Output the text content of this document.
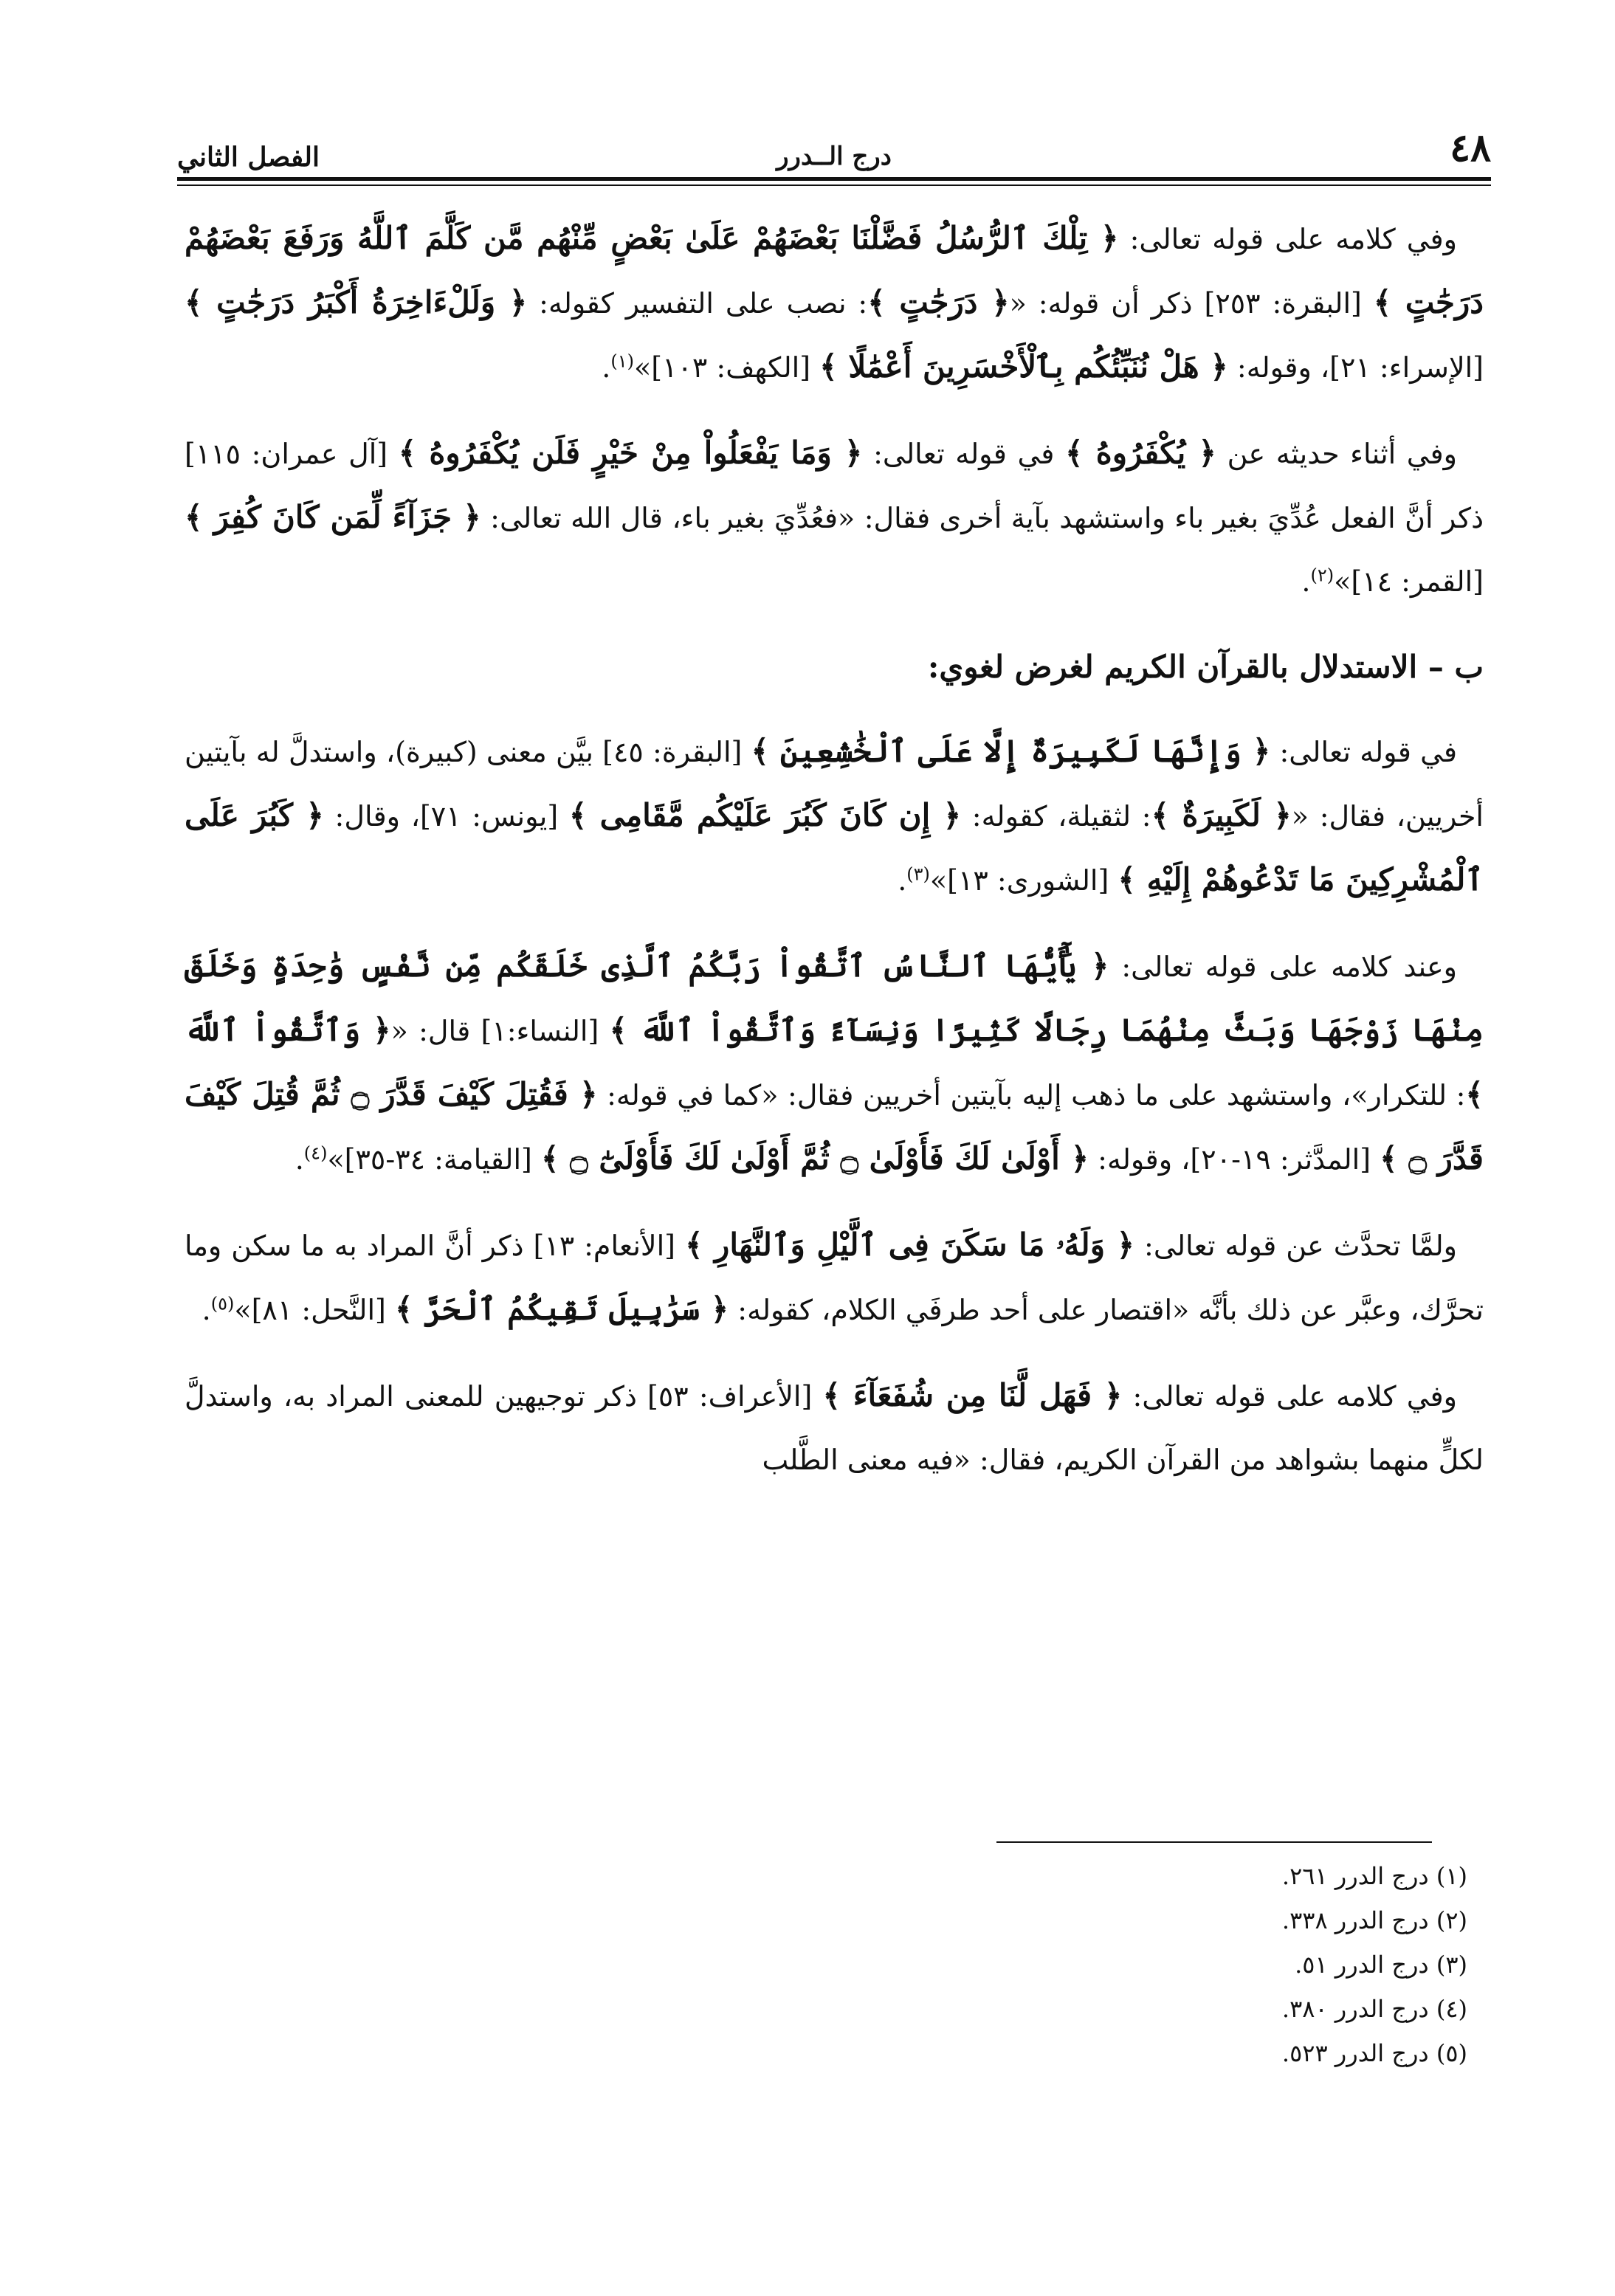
٤٨
درج الــدرر
الفصل الثاني

وفي كلامه على قوله تعالى: ﴿ تِلْكَ ٱلرُّسُلُ فَضَّلْنَا بَعْضَهُمْ عَلَىٰ بَعْضٍ مِّنْهُم مَّن كَلَّمَ ٱللَّهُ وَرَفَعَ بَعْضَهُمْ دَرَجَٰتٍ ﴾ [البقرة: ٢٥٣] ذكر أن قوله: «﴿ دَرَجَٰتٍ ﴾: نصب على التفسير كقوله: ﴿ وَلَلْءَاخِرَةُ أَكْبَرُ دَرَجَٰتٍ ﴾ [الإسراء: ٢١]، وقوله: ﴿ هَلْ نُنَبِّئُكُم بِٱلْأَخْسَرِينَ أَعْمَٰلًا ﴾ [الكهف: ١٠٣]»$^{(١)}$.

وفي أثناء حديثه عن ﴿ يُكْفَرُوهُ ﴾ في قوله تعالى: ﴿ وَمَا يَفْعَلُواْ مِنْ خَيْرٍ فَلَن يُكْفَرُوهُ ﴾ [آل عمران: ١١٥] ذكر أنَّ الفعل عُدِّيَ بغير باء واستشهد بآية أخرى فقال: «فعُدِّيَ بغير باء، قال الله تعالى: ﴿ جَزَآءً لِّمَن كَانَ كُفِرَ ﴾ [القمر: ١٤]»$^{(٢)}$.

ب – الاستدلال بالقرآن الكريم لغرض لغوي:

في قوله تعالى: ﴿ وَإِنَّهَا لَكَبِيرَةٌ إِلَّا عَلَى ٱلْخَٰشِعِينَ ﴾ [البقرة: ٤٥] بيَّن معنى (كبيرة)، واستدلَّ له بآيتين أخريين، فقال: «﴿ لَكَبِيرَةٌ ﴾: لثقيلة، كقوله: ﴿ إِن كَانَ كَبُرَ عَلَيْكُم مَّقَامِى ﴾ [يونس: ٧١]، وقال: ﴿ كَبُرَ عَلَى ٱلْمُشْرِكِينَ مَا تَدْعُوهُمْ إِلَيْهِ ﴾ [الشورى: ١٣]»$^{(٣)}$.

وعند كلامه على قوله تعالى: ﴿ يَٰٓأَيُّهَا ٱلنَّاسُ ٱتَّقُواْ رَبَّكُمُ ٱلَّذِى خَلَقَكُم مِّن نَّفْسٍ وَٰحِدَةٍ وَخَلَقَ مِنْهَا زَوْجَهَا وَبَثَّ مِنْهُمَا رِجَالًا كَثِيرًا وَنِسَآءً وَٱتَّقُواْ ٱللَّهَ ﴾ [النساء:١] قال: «﴿ وَٱتَّقُواْ ٱللَّهَ ﴾: للتكرار»، واستشهد على ما ذهب إليه بآيتين أخريين فقال: «كما في قوله: ﴿ فَقُتِلَ كَيْفَ قَدَّرَ ۝ ثُمَّ قُتِلَ كَيْفَ قَدَّرَ ۝ ﴾ [المدَّثر: ١٩-٢٠]، وقوله: ﴿ أَوْلَىٰ لَكَ فَأَوْلَىٰ ۝ ثُمَّ أَوْلَىٰ لَكَ فَأَوْلَىٰٓ ۝ ﴾ [القيامة: ٣٤-٣٥]»$^{(٤)}$.

ولمَّا تحدَّث عن قوله تعالى: ﴿ وَلَهُۥ مَا سَكَنَ فِى ٱلَّيْلِ وَٱلنَّهَارِ ﴾ [الأنعام: ١٣] ذكر أنَّ المراد به ما سكن وما تحرَّك، وعبَّر عن ذلك بأنَّه «اقتصار على أحد طرفَي الكلام، كقوله: ﴿ سَرَٰبِيلَ تَقِيكُمُ ٱلْحَرَّ ﴾ [النَّحل: ٨١]»$^{(٥)}$.

وفي كلامه على قوله تعالى: ﴿ فَهَل لَّنَا مِن شُفَعَآءَ ﴾ [الأعراف: ٥٣] ذكر توجيهين للمعنى المراد به، واستدلَّ لكلٍّ منهما بشواهد من القرآن الكريم، فقال: «فيه معنى الطَّلب

(١) درج الدرر ٢٦١.
(٢) درج الدرر ٣٣٨.
(٣) درج الدرر ٥١.
(٤) درج الدرر ٣٨٠.
(٥) درج الدرر ٥٢٣.
